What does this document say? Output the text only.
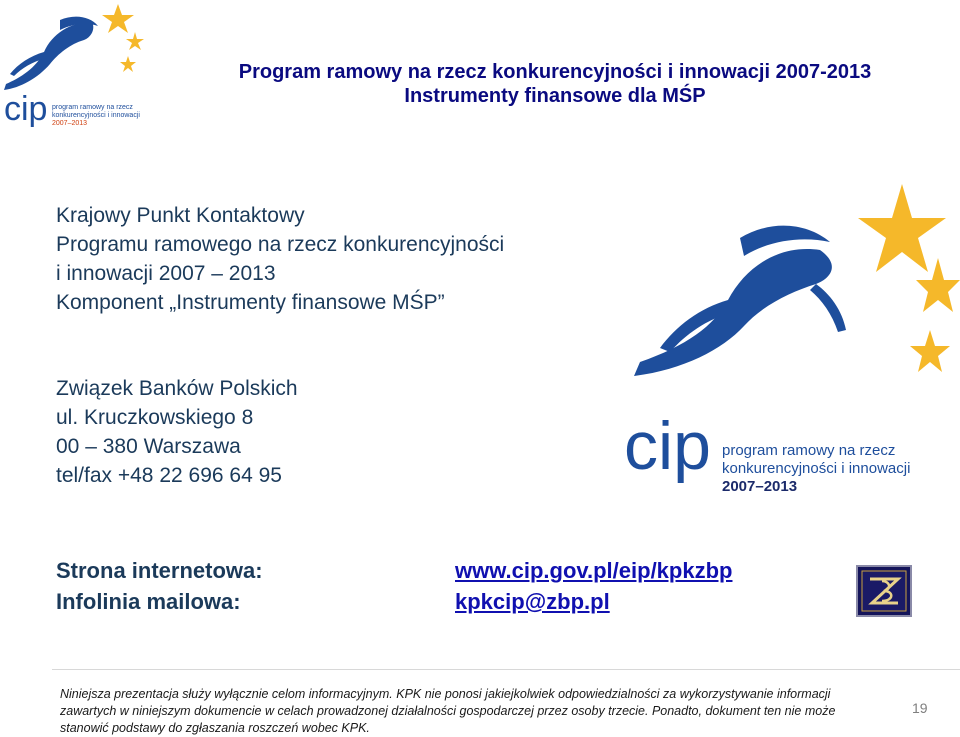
cip program ramowy na rzecz
konkurencyjności i innowacji
2007–2013
Program ramowy na rzecz konkurencyjności i innowacji 2007-2013
Instrumenty finansowe dla MŚP
Krajowy Punkt Kontaktowy
Programu ramowego na rzecz konkurencyjności
i innowacji 2007 – 2013
Komponent „Instrumenty finansowe MŚP”
Związek Banków Polskich
ul. Kruczkowskiego 8
00 – 380 Warszawa
tel/fax +48 22 696 64 95	cip program ramowy na rzecz
konkurencyjności i innowacji
2007–2013
Strona internetowa:
Infolinia mailowa:
www.cip.gov.pl/eip/kpkzbp
kpkcip@zbp.pl
Niniejsza prezentacja służy wyłącznie celom informacyjnym. KPK nie ponosi jakiejkolwiek odpowiedzialności za wykorzystywanie informacji
zawartych w niniejszym dokumencie w celach prowadzonej działalności gospodarczej przez osoby trzecie. Ponadto, dokument ten nie może
stanowić podstawy do zgłaszania roszczeń wobec KPK.
19
